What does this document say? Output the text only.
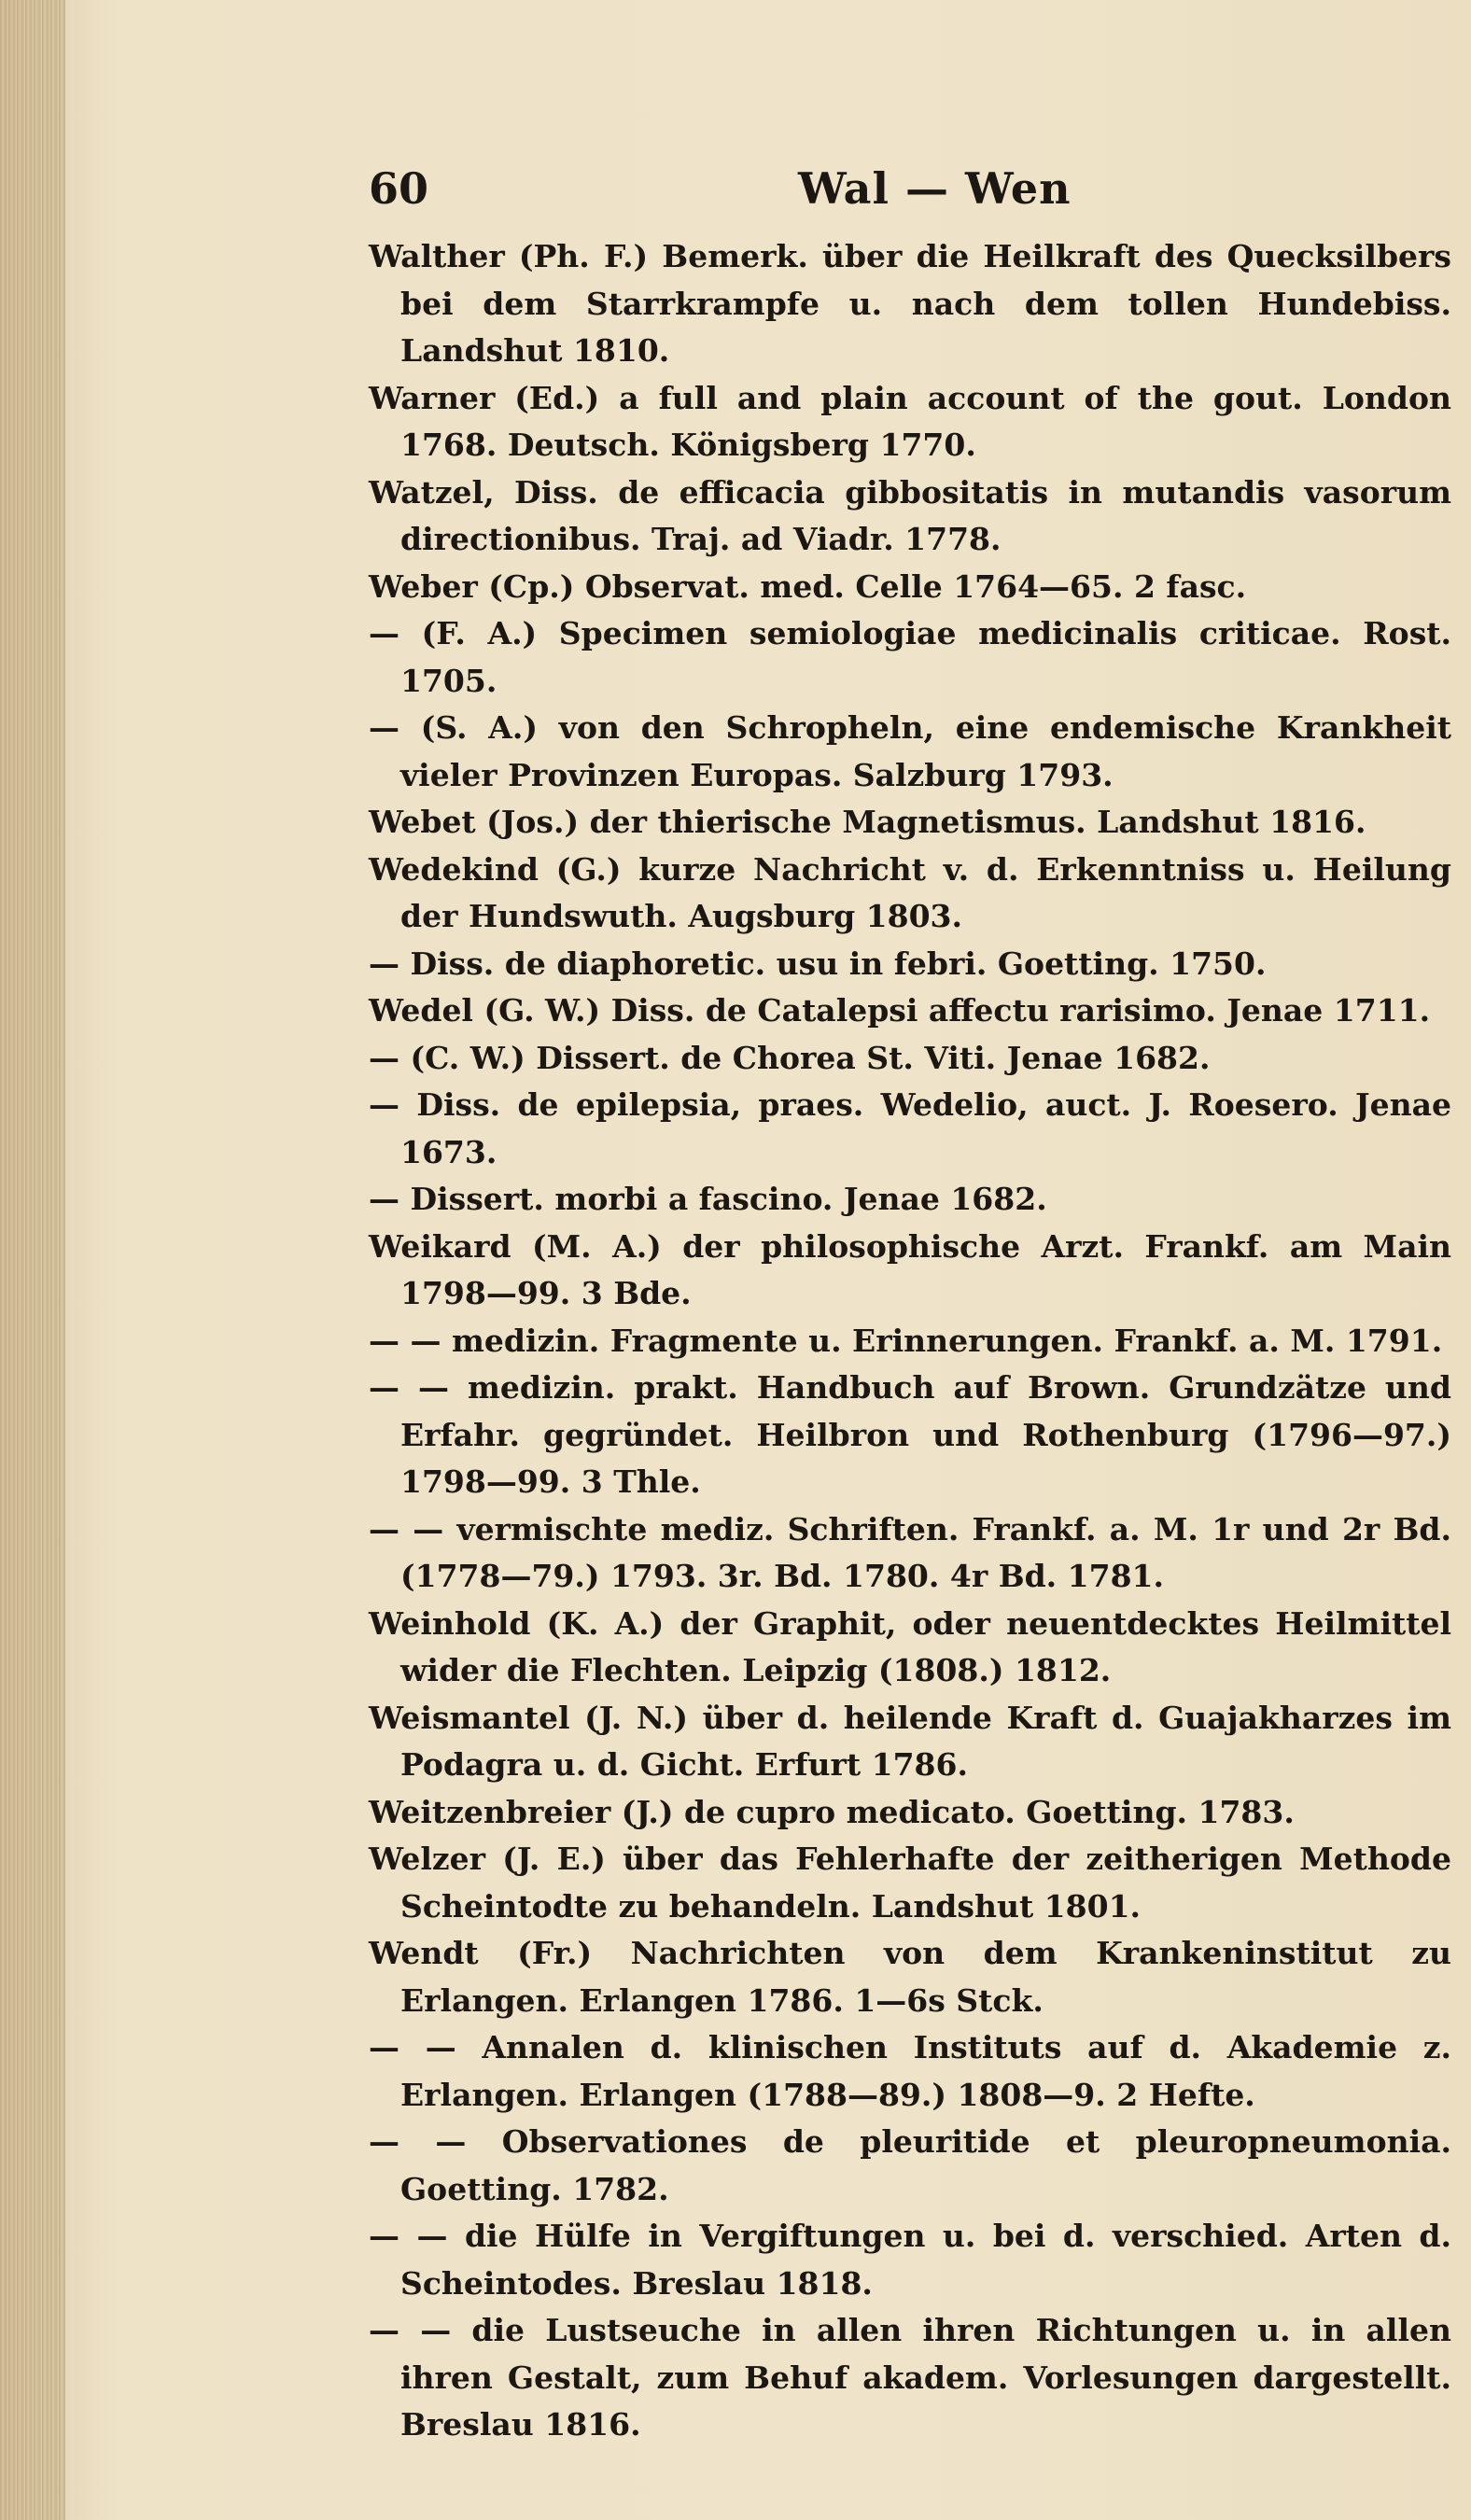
60	Wal — Wen

Walther (Ph. F.) Bemerk. über die Heilkraft des Quecksilbers bei dem Starrkrampfe u. nach dem tollen Hundebiss. Landshut 1810.

Warner (Ed.) a full and plain account of the gout. London 1768. Deutsch. Königsberg 1770.

Watzel, Diss. de efficacia gibbositatis in mutandis vasorum directionibus. Traj. ad Viadr. 1778.

Weber (Cp.) Observat. med. Celle 1764—65. 2 fasc.

— (F. A.) Specimen semiologiae medicinalis criticae. Rost. 1705.

— (S. A.) von den Schropheln, eine endemische Krankheit vieler Provinzen Europas. Salzburg 1793.

Webet (Jos.) der thierische Magnetismus. Landshut 1816.

Wedekind (G.) kurze Nachricht v. d. Erkenntniss u. Heilung der Hundswuth. Augsburg 1803.

— Diss. de diaphoretic. usu in febri. Goetting. 1750.

Wedel (G. W.) Diss. de Catalepsi affectu rarisimo. Jenae 1711.

— (C. W.) Dissert. de Chorea St. Viti. Jenae 1682.

— Diss. de epilepsia, praes. Wedelio, auct. J. Roesero. Jenae 1673.

— Dissert. morbi a fascino. Jenae 1682.

Weikard (M. A.) der philosophische Arzt. Frankf. am Main 1798—99. 3 Bde.

— — medizin. Fragmente u. Erinnerungen. Frankf. a. M. 1791.

— — medizin. prakt. Handbuch auf Brown. Grundzätze und Erfahr. gegründet. Heilbron und Rothenburg (1796—97.) 1798—99. 3 Thle.

— — vermischte mediz. Schriften. Frankf. a. M. 1r und 2r Bd. (1778—79.) 1793. 3r. Bd. 1780. 4r Bd. 1781.

Weinhold (K. A.) der Graphit, oder neuentdecktes Heilmittel wider die Flechten. Leipzig (1808.) 1812.

Weismantel (J. N.) über d. heilende Kraft d. Guajakharzes im Podagra u. d. Gicht. Erfurt 1786.

Weitzenbreier (J.) de cupro medicato. Goetting. 1783.

Welzer (J. E.) über das Fehlerhafte der zeitherigen Methode Scheintodte zu behandeln. Landshut 1801.

Wendt (Fr.) Nachrichten von dem Krankeninstitut zu Erlangen. Erlangen 1786. 1—6s Stck.

— — Annalen d. klinischen Instituts auf d. Akademie z. Erlangen. Erlangen (1788—89.) 1808—9. 2 Hefte.

— — Observationes de pleuritide et pleuropneumonia. Goetting. 1782.

— — die Hülfe in Vergiftungen u. bei d. verschied. Arten d. Scheintodes. Breslau 1818.

— — die Lustseuche in allen ihren Richtungen u. in allen ihren Gestalt, zum Behuf akadem. Vorlesungen dargestellt. Breslau 1816.
